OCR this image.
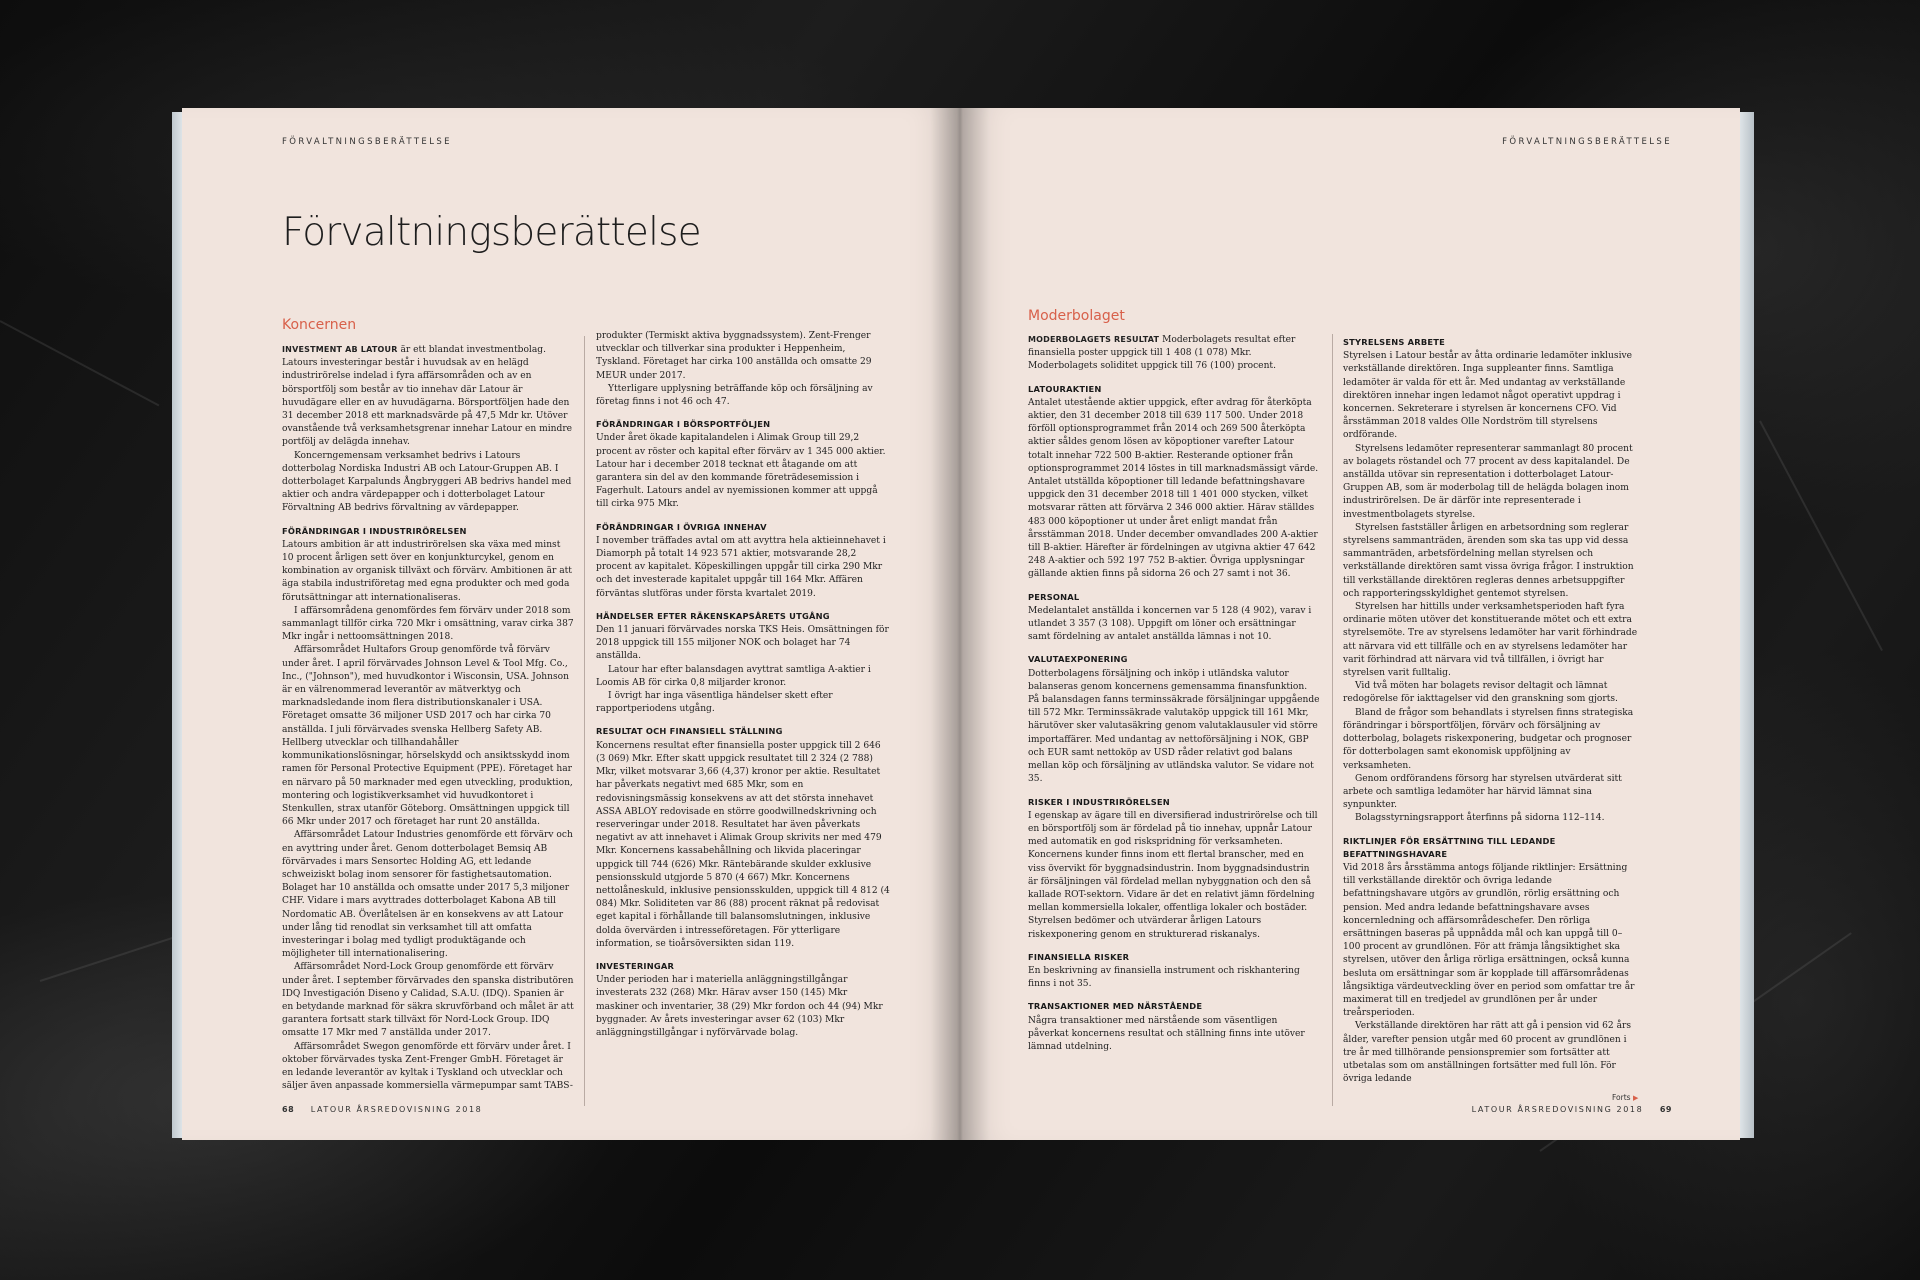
FÖRVALTNINGSBERÄTTELSE
Förvaltningsberättelse
Koncernen

INVESTMENT AB LATOUR är ett blandat investmentbolag. Latours investeringar består i huvudsak av en helägd industrirörelse indelad i fyra affärsområden och av en börsportfölj som består av tio innehav där Latour är huvudägare eller en av huvudägarna. Börsportföljen hade den 31 december 2018 ett marknadsvärde på 47,5 Mdr kr. Utöver ovanstående två verksamhetsgrenar innehar Latour en mindre portfölj av delägda innehav.

Koncerngemensam verksamhet bedrivs i Latours dotterbolag Nordiska Industri AB och Latour-Gruppen AB. I dotterbolaget Karpalunds Ångbryggeri AB bedrivs handel med aktier och andra värdepapper och i dotterbolaget Latour Förvaltning AB bedrivs förvaltning av värdepapper.

FÖRÄNDRINGAR I INDUSTRIRÖRELSEN

Latours ambition är att industrirörelsen ska växa med minst 10 procent årligen sett över en konjunkturcykel, genom en kombination av organisk tillväxt och förvärv. Ambitionen är att äga stabila industriföretag med egna produkter och med goda förutsättningar att internationaliseras.

I affärsområdena genomfördes fem förvärv under 2018 som sammanlagt tillför cirka 720 Mkr i omsättning, varav cirka 387 Mkr ingår i nettoomsättningen 2018.

Affärsområdet Hultafors Group genomförde två förvärv under året. I april förvärvades Johnson Level & Tool Mfg. Co., Inc., ("Johnson"), med huvudkontor i Wisconsin, USA. Johnson är en välrenommerad leverantör av mätverktyg och marknadsledande inom flera distributionskanaler i USA. Företaget omsatte 36 miljoner USD 2017 och har cirka 70 anställda. I juli förvärvades svenska Hellberg Safety AB. Hellberg utvecklar och tillhandahåller kommunikationslösningar, hörselskydd och ansiktsskydd inom ramen för Personal Protective Equipment (PPE). Företaget har en närvaro på 50 marknader med egen utveckling, produktion, montering och logistikverksamhet vid huvudkontoret i Stenkullen, strax utanför Göteborg. Omsättningen uppgick till 66 Mkr under 2017 och företaget har runt 20 anställda.

Affärsområdet Latour Industries genomförde ett förvärv och en avyttring under året. Genom dotterbolaget Bemsiq AB förvärvades i mars Sensortec Holding AG, ett ledande schweiziskt bolag inom sensorer för fastighetsautomation. Bolaget har 10 anställda och omsatte under 2017 5,3 miljoner CHF. Vidare i mars avyttrades dotterbolaget Kabona AB till Nordomatic AB. Överlåtelsen är en konsekvens av att Latour under lång tid renodlat sin verksamhet till att omfatta investeringar i bolag med tydligt produktägande och möjligheter till internationalisering.

Affärsområdet Nord-Lock Group genomförde ett förvärv under året. I september förvärvades den spanska distributören IDQ Investigación Diseno y Calidad, S.A.U. (IDQ). Spanien är en betydande marknad för säkra skruvförband och målet är att garantera fortsatt stark tillväxt för Nord-Lock Group. IDQ omsatte 17 Mkr med 7 anställda under 2017.

Affärsområdet Swegon genomförde ett förvärv under året. I oktober förvärvades tyska Zent-Frenger GmbH. Företaget är en ledande leverantör av kyltak i Tyskland och utvecklar och säljer även anpassade kommersiella värmepumpar samt TABS-

produkter (Termiskt aktiva byggnadssystem). Zent-Frenger utvecklar och tillverkar sina produkter i Heppenheim, Tyskland. Företaget har cirka 100 anställda och omsatte 29 MEUR under 2017.

Ytterligare upplysning beträffande köp och försäljning av företag finns i not 46 och 47.

FÖRÄNDRINGAR I BÖRSPORTFÖLJEN

Under året ökade kapitalandelen i Alimak Group till 29,2 procent av röster och kapital efter förvärv av 1 345 000 aktier. Latour har i december 2018 tecknat ett åtagande om att garantera sin del av den kommande företrädesemission i Fagerhult. Latours andel av nyemissionen kommer att uppgå till cirka 975 Mkr.

FÖRÄNDRINGAR I ÖVRIGA INNEHAV

I november träffades avtal om att avyttra hela aktieinnehavet i Diamorph på totalt 14 923 571 aktier, motsvarande 28,2 procent av kapitalet. Köpeskillingen uppgår till cirka 290 Mkr och det investerade kapitalet uppgår till 164 Mkr. Affären förväntas slutföras under första kvartalet 2019.

HÄNDELSER EFTER RÄKENSKAPSÅRETS UTGÅNG

Den 11 januari förvärvades norska TKS Heis. Omsättningen för 2018 uppgick till 155 miljoner NOK och bolaget har 74 anställda.

Latour har efter balansdagen avyttrat samtliga A-aktier i Loomis AB för cirka 0,8 miljarder kronor.

I övrigt har inga väsentliga händelser skett efter rapportperiodens utgång.

RESULTAT OCH FINANSIELL STÄLLNING

Koncernens resultat efter finansiella poster uppgick till 2 646 (3 069) Mkr. Efter skatt uppgick resultatet till 2 324 (2 788) Mkr, vilket motsvarar 3,66 (4,37) kronor per aktie. Resultatet har påverkats negativt med 685 Mkr, som en redovisningsmässig konsekvens av att det största innehavet ASSA ABLOY redovisade en större goodwillnedskrivning och reserveringar under 2018. Resultatet har även påverkats negativt av att innehavet i Alimak Group skrivits ner med 479 Mkr. Koncernens kassabehållning och likvida placeringar uppgick till 744 (626) Mkr. Räntebärande skulder exklusive pensionsskuld utgjorde 5 870 (4 667) Mkr. Koncernens nettolåneskuld, inklusive pensionsskulden, uppgick till 4 812 (4 084) Mkr. Soliditeten var 86 (88) procent räknat på redovisat eget kapital i förhållande till balansomslutningen, inklusive dolda övervärden i intresseföretagen. För ytterligare information, se tioårsöversikten sidan 119.

INVESTERINGAR

Under perioden har i materiella anläggningstillgångar investerats 232 (268) Mkr. Härav avser 150 (145) Mkr maskiner och inventarier, 38 (29) Mkr fordon och 44 (94) Mkr byggnader. Av årets investeringar avser 62 (103) Mkr anläggningstillgångar i nyförvärvade bolag.

68 LATOUR ÅRSREDOVISNING 2018
FÖRVALTNINGSBERÄTTELSE
Moderbolaget

MODERBOLAGETS RESULTAT Moderbolagets resultat efter finansiella poster uppgick till 1 408 (1 078) Mkr. Moderbolagets soliditet uppgick till 76 (100) procent.

LATOURAKTIEN

Antalet utestående aktier uppgick, efter avdrag för återköpta aktier, den 31 december 2018 till 639 117 500. Under 2018 förföll optionsprogrammet från 2014 och 269 500 återköpta aktier såldes genom lösen av köpoptioner varefter Latour totalt innehar 722 500 B-aktier. Resterande optioner från optionsprogrammet 2014 löstes in till marknadsmässigt värde. Antalet utställda köpoptioner till ledande befattningshavare uppgick den 31 december 2018 till 1 401 000 stycken, vilket motsvarar rätten att förvärva 2 346 000 aktier. Härav ställdes 483 000 köpoptioner ut under året enligt mandat från årsstämman 2018. Under december omvandlades 200 A-aktier till B-aktier. Härefter är fördelningen av utgivna aktier 47 642 248 A-aktier och 592 197 752 B-aktier. Övriga upplysningar gällande aktien finns på sidorna 26 och 27 samt i not 36.

PERSONAL

Medelantalet anställda i koncernen var 5 128 (4 902), varav i utlandet 3 357 (3 108). Uppgift om löner och ersättningar samt fördelning av antalet anställda lämnas i not 10.

VALUTAEXPONERING

Dotterbolagens försäljning och inköp i utländska valutor balanseras genom koncernens gemensamma finansfunktion. På balansdagen fanns terminssäkrade försäljningar uppgående till 572 Mkr. Terminssäkrade valutaköp uppgick till 161 Mkr, härutöver sker valutasäkring genom valutaklausuler vid större importaffärer. Med undantag av nettoförsäljning i NOK, GBP och EUR samt nettoköp av USD råder relativt god balans mellan köp och försäljning av utländska valutor. Se vidare not 35.

RISKER I INDUSTRIRÖRELSEN

I egenskap av ägare till en diversifierad industrirörelse och till en börsportfölj som är fördelad på tio innehav, uppnår Latour med automatik en god riskspridning för verksamheten. Koncernens kunder finns inom ett flertal branscher, med en viss övervikt för byggnadsindustrin. Inom byggnadsindustrin är försäljningen väl fördelad mellan nybyggnation och den så kallade ROT-sektorn. Vidare är det en relativt jämn fördelning mellan kommersiella lokaler, offentliga lokaler och bostäder. Styrelsen bedömer och utvärderar årligen Latours riskexponering genom en strukturerad riskanalys.

FINANSIELLA RISKER

En beskrivning av finansiella instrument och riskhantering finns i not 35.

TRANSAKTIONER MED NÄRSTÅENDE

Några transaktioner med närstående som väsentligen påverkat koncernens resultat och ställning finns inte utöver lämnad utdelning.

STYRELSENS ARBETE

Styrelsen i Latour består av åtta ordinarie ledamöter inklusive verkställande direktören. Inga suppleanter finns. Samtliga ledamöter är valda för ett år. Med undantag av verkställande direktören innehar ingen ledamot något operativt uppdrag i koncernen. Sekreterare i styrelsen är koncernens CFO. Vid årsstämman 2018 valdes Olle Nordström till styrelsens ordförande.

Styrelsens ledamöter representerar sammanlagt 80 procent av bolagets röstandel och 77 procent av dess kapitalandel. De anställda utövar sin representation i dotterbolaget Latour-Gruppen AB, som är moderbolag till de helägda bolagen inom industrirörelsen. De är därför inte representerade i investmentbolagets styrelse.

Styrelsen fastställer årligen en arbetsordning som reglerar styrelsens sammanträden, ärenden som ska tas upp vid dessa sammanträden, arbetsfördelning mellan styrelsen och verkställande direktören samt vissa övriga frågor. I instruktion till verkställande direktören regleras dennes arbetsuppgifter och rapporteringsskyldighet gentemot styrelsen.

Styrelsen har hittills under verksamhetsperioden haft fyra ordinarie möten utöver det konstituerande mötet och ett extra styrelsemöte. Tre av styrelsens ledamöter har varit förhindrade att närvara vid ett tillfälle och en av styrelsens ledamöter har varit förhindrad att närvara vid två tillfällen, i övrigt har styrelsen varit fulltalig.

Vid två möten har bolagets revisor deltagit och lämnat redogörelse för iakttagelser vid den granskning som gjorts.

Bland de frågor som behandlats i styrelsen finns strategiska förändringar i börsportföljen, förvärv och försäljning av dotterbolag, bolagets riskexponering, budgetar och prognoser för dotterbolagen samt ekonomisk uppföljning av verksamheten.

Genom ordförandens försorg har styrelsen utvärderat sitt arbete och samtliga ledamöter har härvid lämnat sina synpunkter.

Bolagsstyrningsrapport återfinns på sidorna 112–114.

RIKTLINJER FÖR ERSÄTTNING TILL LEDANDE BEFATTNINGSHAVARE

Vid 2018 års årsstämma antogs följande riktlinjer: Ersättning till verkställande direktör och övriga ledande befattningshavare utgörs av grundlön, rörlig ersättning och pension. Med andra ledande befattningshavare avses koncernledning och affärsområdeschefer. Den rörliga ersättningen baseras på uppnådda mål och kan uppgå till 0–100 procent av grundlönen. För att främja långsiktighet ska styrelsen, utöver den årliga rörliga ersättningen, också kunna besluta om ersättningar som är kopplade till affärsområdenas långsiktiga värdeutveckling över en period som omfattar tre år maximerat till en tredjedel av grundlönen per år under treårsperioden.

Verkställande direktören har rätt att gå i pension vid 62 års ålder, varefter pension utgår med 60 procent av grundlönen i tre år med tillhörande pensionspremier som fortsätter att utbetalas som om anställningen fortsätter med full lön. För övriga ledande

Forts ▶
LATOUR ÅRSREDOVISNING 2018 69
